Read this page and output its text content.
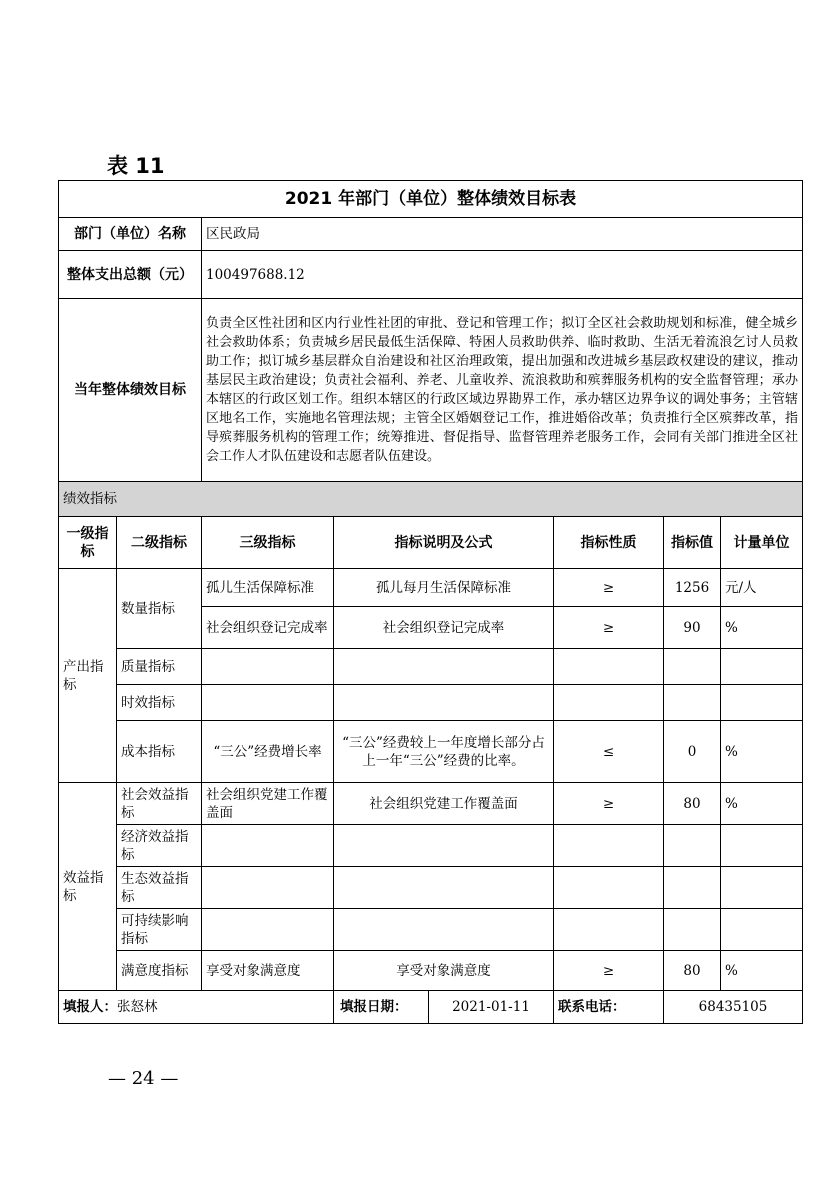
表 11
2021 年部门（单位）整体绩效目标表						
部门（单位）名称		区民政局				
整体支出总额（元）		100497688.12				
当年整体绩效目标		负责全区性社团和区内行业性社团的审批、登记和管理工作；拟订全区社会救助规划和标准，健全城乡社会救助体系；负责城乡居民最低生活保障、特困人员救助供养、临时救助、生活无着流浪乞讨人员救助工作；拟订城乡基层群众自治建设和社区治理政策，提出加强和改进城乡基层政权建设的建议，推动基层民主政治建设；负责社会福利、养老、儿童收养、流浪救助和殡葬服务机构的安全监督管理；承办本辖区的行政区划工作。组织本辖区的行政区域边界勘界工作，承办辖区边界争议的调处事务；主管辖区地名工作，实施地名管理法规；主管全区婚姻登记工作，推进婚俗改革；负责推行全区殡葬改革，指导殡葬服务机构的管理工作；统筹推进、督促指导、监督管理养老服务工作，会同有关部门推进全区社会工作人才队伍建设和志愿者队伍建设。				
绩效指标						
一级指标	二级指标	三级指标	指标说明及公式	指标性质	指标值	计量单位
产出指标	数量指标	孤儿生活保障标准	孤儿每月生活保障标准	≥	1256	元/人
		社会组织登记完成率	社会组织登记完成率	≥	90	%
	质量指标					
	时效指标					
	成本指标	“三公”经费增长率	“三公”经费较上一年度增长部分占上一年“三公”经费的比率。	≤	0	%
效益指标	社会效益指标	社会组织党建工作覆盖面	社会组织党建工作覆盖面	≥	80	%
	经济效益指标					
	生态效益指标					
	可持续影响指标					
	满意度指标	享受对象满意度	享受对象满意度	≥	80	%
填报人：张怒林			填报日期： 2021-01-11	联系电话：	68435105	
— 24 —
